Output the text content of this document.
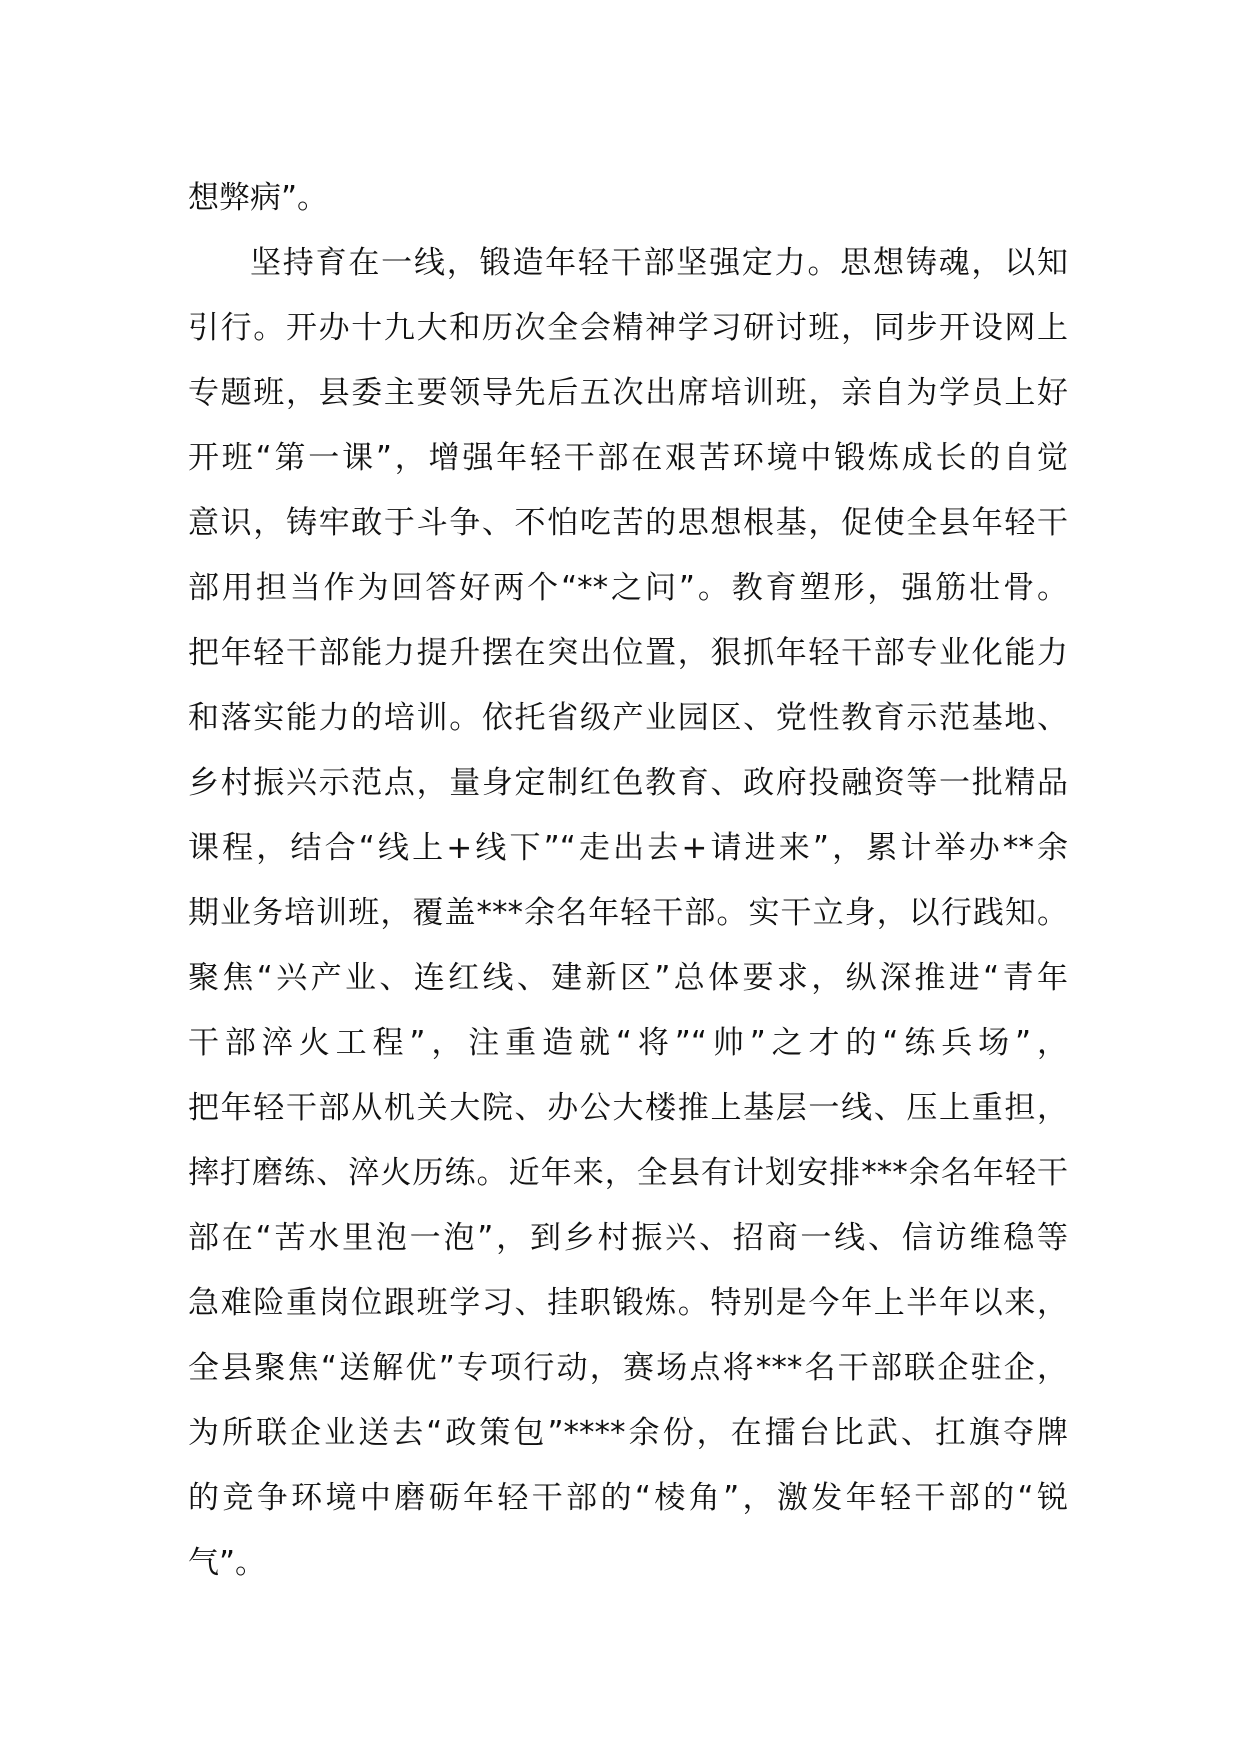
想弊病”。
坚持育在一线，锻造年轻干部坚强定力。思想铸魂，以知
引行。开办十九大和历次全会精神学习研讨班，同步开设网上
专题班，县委主要领导先后五次出席培训班，亲自为学员上好
开班“第一课”，增强年轻干部在艰苦环境中锻炼成长的自觉
意识，铸牢敢于斗争、不怕吃苦的思想根基，促使全县年轻干
部用担当作为回答好两个“**之问”。教育塑形，强筋壮骨。
把年轻干部能力提升摆在突出位置，狠抓年轻干部专业化能力
和落实能力的培训。依托省级产业园区、党性教育示范基地、
乡村振兴示范点，量身定制红色教育、政府投融资等一批精品
课程，结合“线上+线下”“走出去+请进来”，累计举办**余
期业务培训班，覆盖***余名年轻干部。实干立身，以行践知。
聚焦“兴产业、连红线、建新区”总体要求，纵深推进“青年
干部淬火工程”，注重造就“将”“帅”之才的“练兵场”，
把年轻干部从机关大院、办公大楼推上基层一线、压上重担，
摔打磨练、淬火历练。近年来，全县有计划安排***余名年轻干
部在“苦水里泡一泡”，到乡村振兴、招商一线、信访维稳等
急难险重岗位跟班学习、挂职锻炼。特别是今年上半年以来，
全县聚焦“送解优”专项行动，赛场点将***名干部联企驻企，
为所联企业送去“政策包”****余份，在擂台比武、扛旗夺牌
的竞争环境中磨砺年轻干部的“棱角”，激发年轻干部的“锐
气”。
